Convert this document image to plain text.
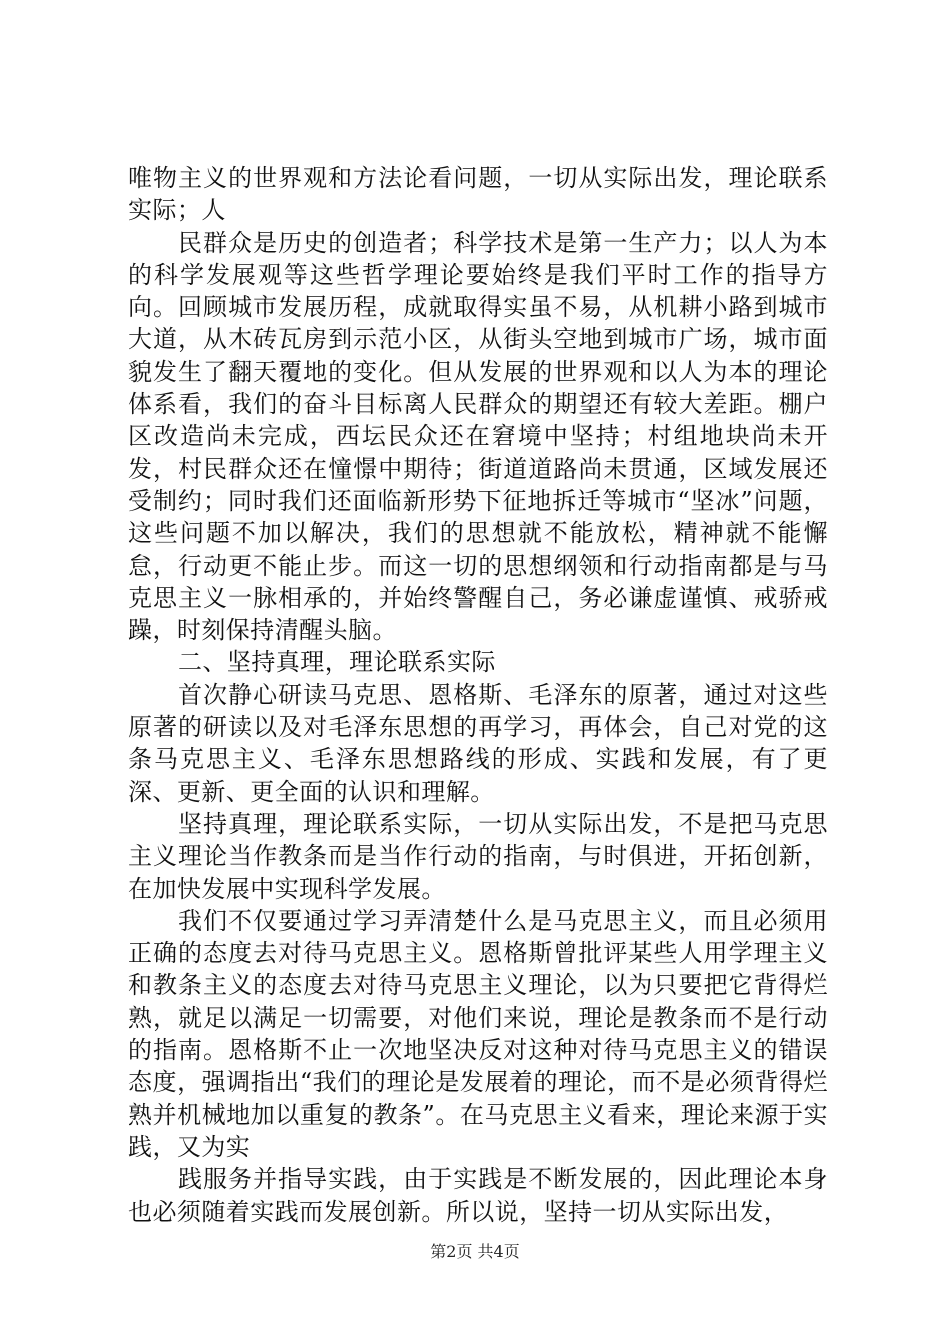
唯物主义的世界观和方法论看问题，一切从实际出发，理论联系实际；人

民群众是历史的创造者；科学技术是第一生产力；以人为本的科学发展观等这些哲学理论要始终是我们平时工作的指导方向。回顾城市发展历程，成就取得实虽不易，从机耕小路到城市大道，从木砖瓦房到示范小区，从街头空地到城市广场，城市面貌发生了翻天覆地的变化。但从发展的世界观和以人为本的理论体系看，我们的奋斗目标离人民群众的期望还有较大差距。棚户区改造尚未完成，西坛民众还在窘境中坚持；村组地块尚未开发，村民群众还在憧憬中期待；街道道路尚未贯通，区域发展还受制约；同时我们还面临新形势下征地拆迁等城市“坚冰”问题，这些问题不加以解决，我们的思想就不能放松，精神就不能懈怠，行动更不能止步。而这一切的思想纲领和行动指南都是与马克思主义一脉相承的，并始终警醒自己，务必谦虚谨慎、戒骄戒躁，时刻保持清醒头脑。

二、坚持真理，理论联系实际

首次静心研读马克思、恩格斯、毛泽东的原著，通过对这些原著的研读以及对毛泽东思想的再学习，再体会，自己对党的这条马克思主义、毛泽东思想路线的形成、实践和发展，有了更深、更新、更全面的认识和理解。

坚持真理，理论联系实际，一切从实际出发，不是把马克思主义理论当作教条而是当作行动的指南，与时俱进，开拓创新，在加快发展中实现科学发展。

我们不仅要通过学习弄清楚什么是马克思主义，而且必须用正确的态度去对待马克思主义。恩格斯曾批评某些人用学理主义和教条主义的态度去对待马克思主义理论，以为只要把它背得烂熟，就足以满足一切需要，对他们来说，理论是教条而不是行动的指南。恩格斯不止一次地坚决反对这种对待马克思主义的错误态度，强调指出“我们的理论是发展着的理论，而不是必须背得烂熟并机械地加以重复的教条”。在马克思主义看来，理论来源于实践，又为实

践服务并指导实践，由于实践是不断发展的，因此理论本身也必须随着实践而发展创新。所以说，坚持一切从实际出发，

第2页 共4页
